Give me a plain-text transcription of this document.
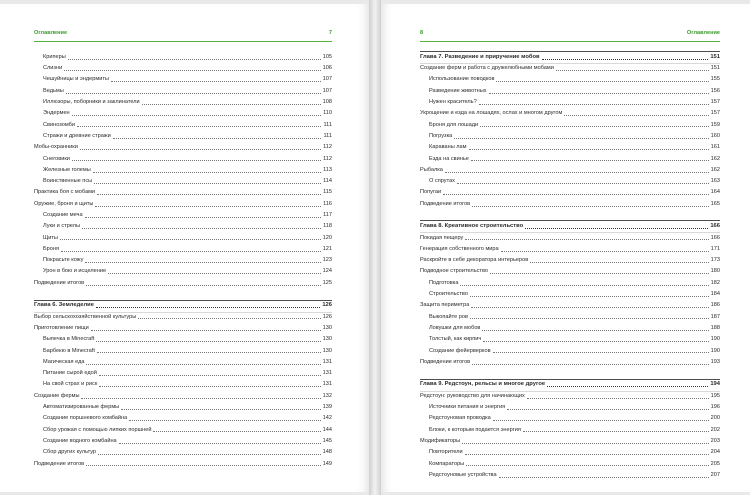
Оглавление	7
Криперы	105
Слизни	106
Чешуйницы и эндермиты	107
Ведьмы	107
Иллюзоры, поборники и заклинатели	108
Эндермен	110
Свинозомби	111
Стражи и древние стражи	111
Мобы-охранники	112
Снеговики	112
Железные големы	113
Воинственные псы	114
Практика боя с мобами	115
Оружие, броня и щиты	116
Создание меча	117
Луки и стрелы	118
Щиты	120
Броня	121
Покрасьте кожу	123
Урон в бою и исцеление	124
Подведение итогов	125
Глава 6. Земледелие	126
Выбор сельскохозяйственной культуры	126
Приготовление пищи	130
Выпечка в Minecraft	130
Барбекю в Minecraft	130
Магическая еда	131
Питание сырой едой	131
На свой страх и риск	131
Создание фермы	132
Автоматизированные фермы	139
Создание поршневого комбайна	142
Сбор урожая с помощью липких поршней	144
Создание водного комбайна	145
Сбор других культур	148
Подведение итогов	149
8	Оглавление
Глава 7. Разведение и приручение мобов	151
Создание ферм и работа с дружелюбными мобами	151
Использование поводков	155
Разведение животных	156
Нужен краситель?	157
Укрощение и езда на лошадях, ослах и многом другом	157
Броня для лошади	159
Погрузка	160
Караваны лам	161
Езда на свинье	162
Рыбалка	162
О спрутах	163
Попугаи	164
Подведение итогов	165
Глава 8. Креативное строительство	166
Покидая пещеру	166
Генерация собственного мира	171
Раскройте в себе декоратора интерьеров	173
Подводное строительство	180
Подготовка	182
Строительство	184
Защита периметра	186
Выкопайте ров	187
Ловушки для мобов	188
Толстый, как кирпич	190
Создание фейерверков	190
Подведение итогов	193
Глава 9. Редстоун, рельсы и многое другое	194
Редстоун: руководство для начинающих	195
Источники питания и энергия	196
Редстоуновая проводка	200
Блоки, к которым подается энергия	202
Модификаторы	203
Повторители	204
Компараторы	205
Редстоуновые устройства	207
